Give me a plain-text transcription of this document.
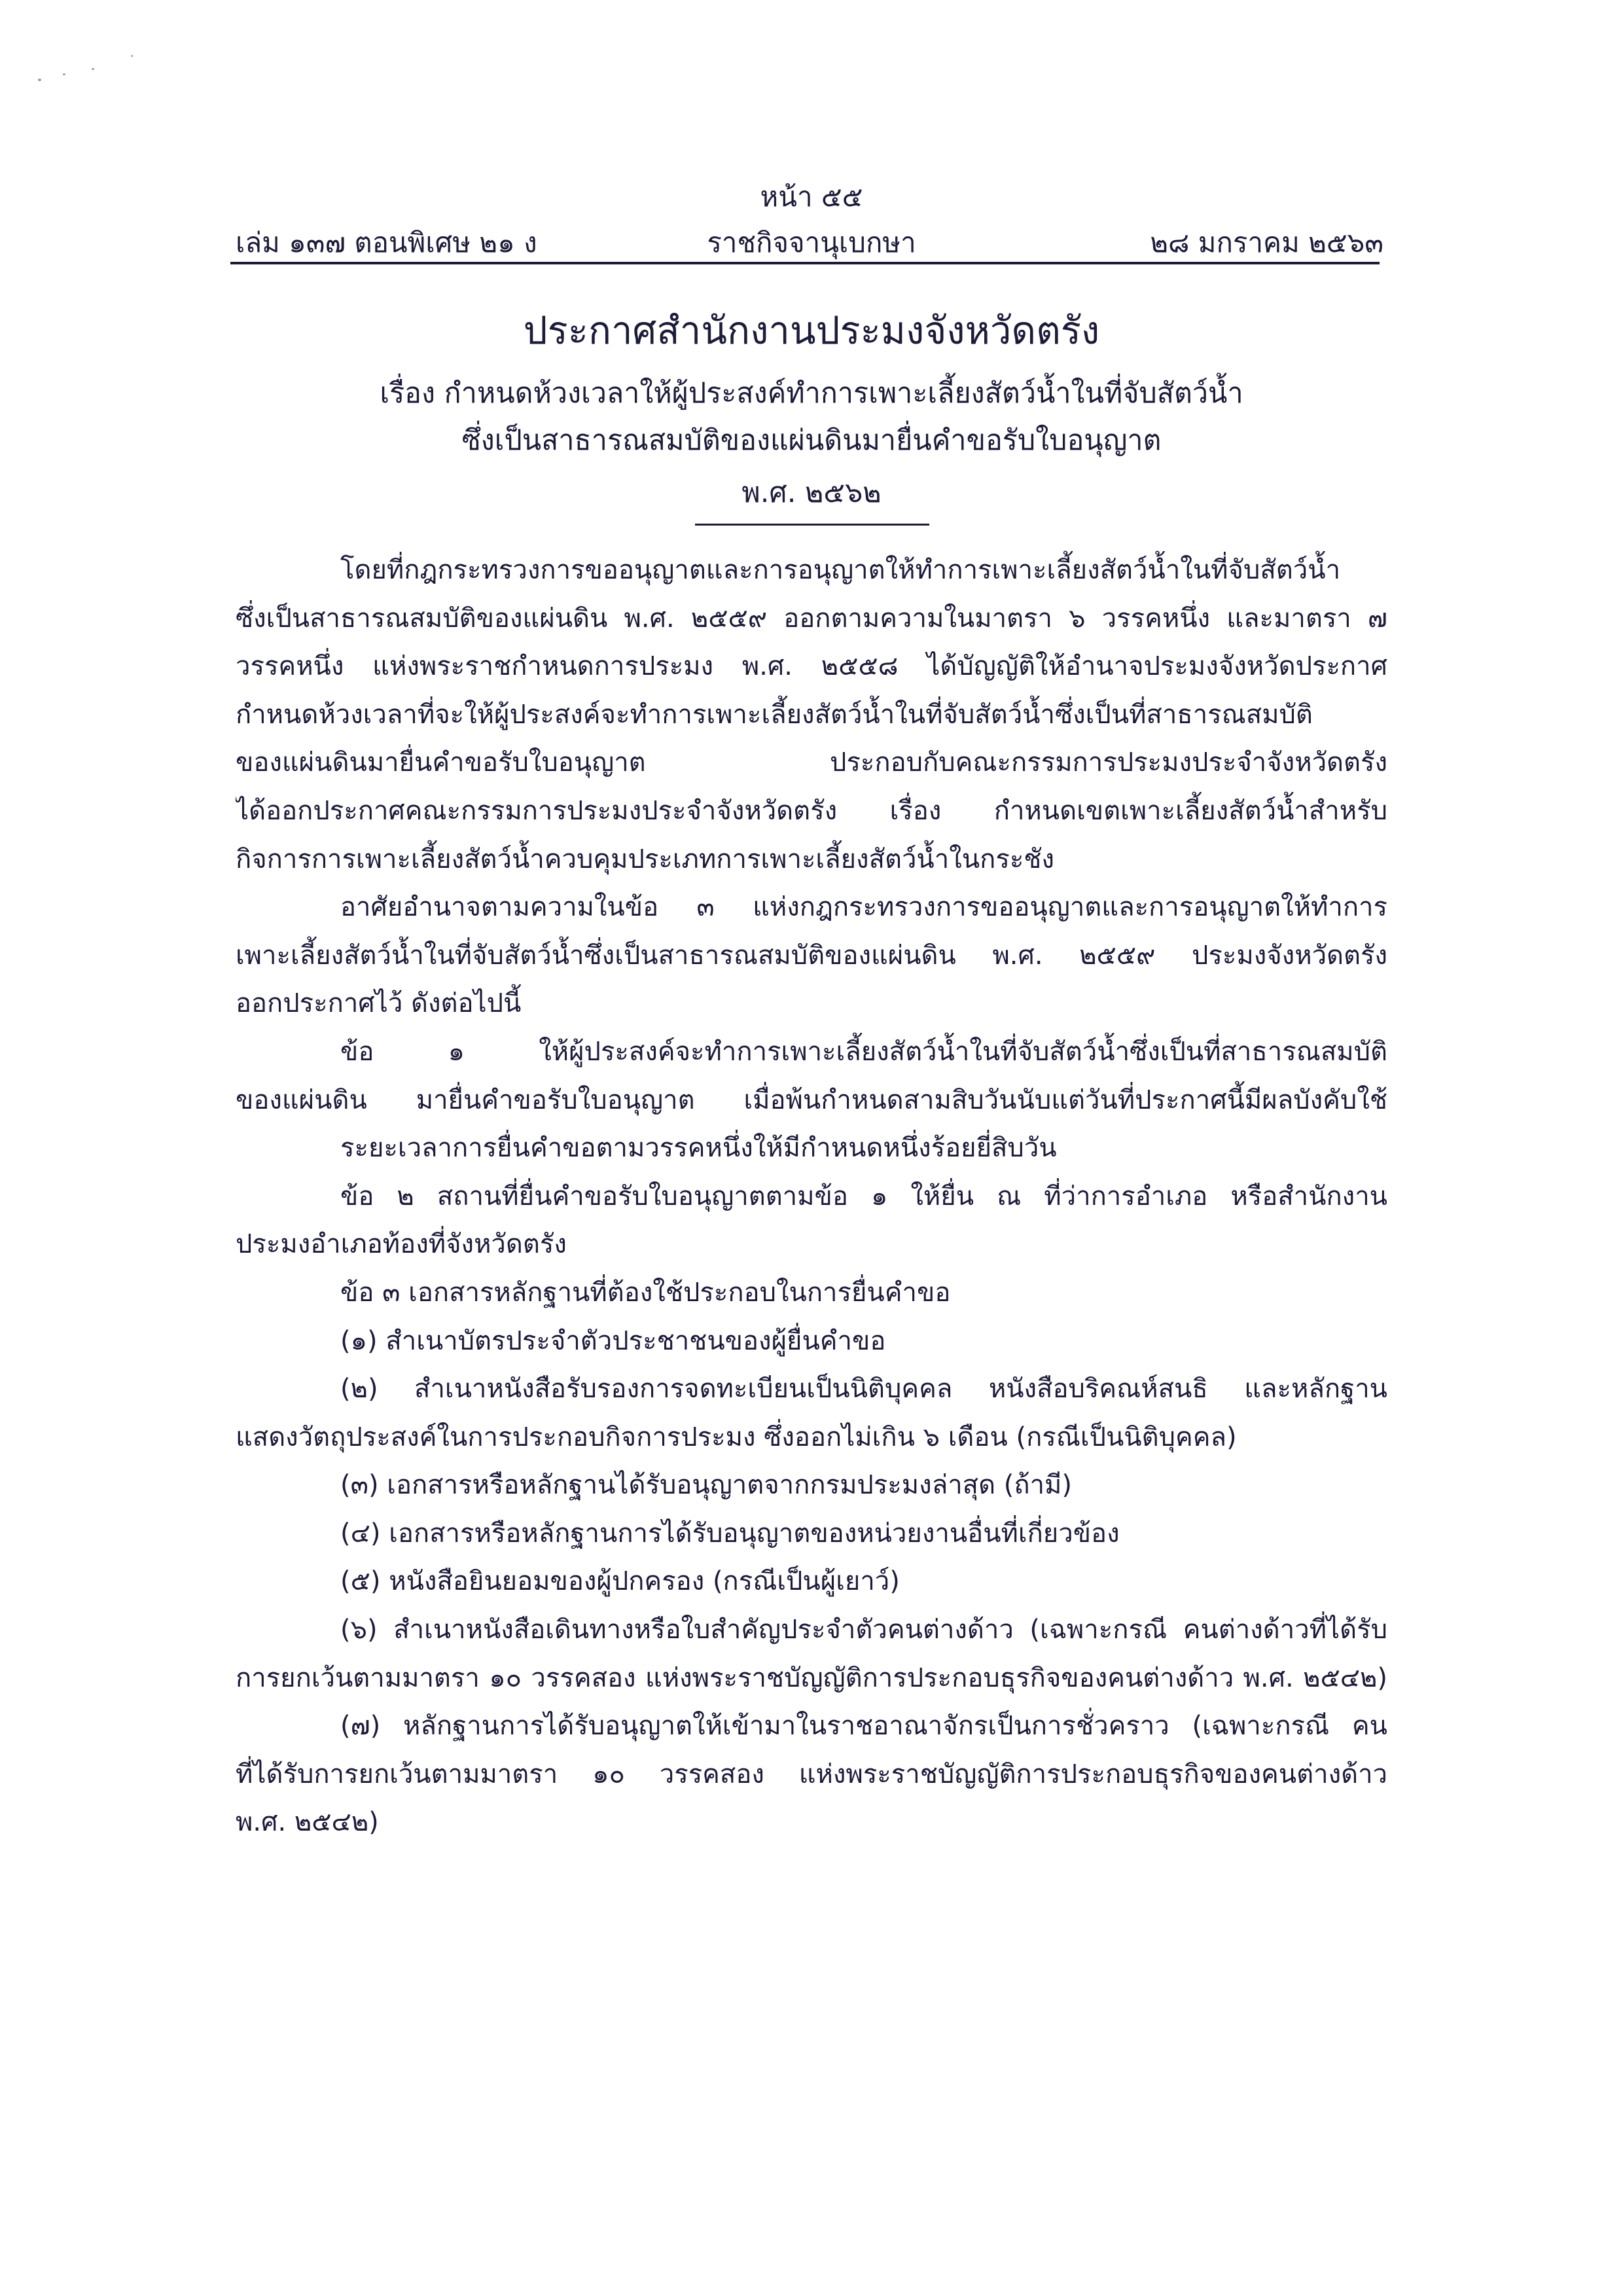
หน้า ๕๕
เล่ม ๑๓๗ ตอนพิเศษ ๒๑ ง	ราชกิจจานุเบกษา	๒๘ มกราคม ๒๕๖๓
ประกาศสำนักงานประมงจังหวัดตรัง
เรื่อง กำหนดห้วงเวลาให้ผู้ประสงค์ทำการเพาะเลี้ยงสัตว์น้ำในที่จับสัตว์น้ำ
ซึ่งเป็นสาธารณสมบัติของแผ่นดินมายื่นคำขอรับใบอนุญาต
พ.ศ. ๒๕๖๒
โดยที่กฎกระทรวงการขออนุญาตและการอนุญาตให้ทำการเพาะเลี้ยงสัตว์น้ำในที่จับสัตว์น้ำ
ซึ่งเป็นสาธารณสมบัติของแผ่นดิน พ.ศ. ๒๕๕๙ ออกตามความในมาตรา ๖ วรรคหนึ่ง และมาตรา ๗
วรรคหนึ่ง แห่งพระราชกำหนดการประมง พ.ศ. ๒๕๕๘ ได้บัญญัติให้อำนาจประมงจังหวัดประกาศ
กำหนดห้วงเวลาที่จะให้ผู้ประสงค์จะทำการเพาะเลี้ยงสัตว์น้ำในที่จับสัตว์น้ำซึ่งเป็นที่สาธารณสมบัติ
ของแผ่นดินมายื่นคำขอรับใบอนุญาต ประกอบกับคณะกรรมการประมงประจำจังหวัดตรัง
ได้ออกประกาศคณะกรรมการประมงประจำจังหวัดตรัง เรื่อง กำหนดเขตเพาะเลี้ยงสัตว์น้ำสำหรับ
กิจการการเพาะเลี้ยงสัตว์น้ำควบคุมประเภทการเพาะเลี้ยงสัตว์น้ำในกระชัง
อาศัยอำนาจตามความในข้อ ๓ แห่งกฎกระทรวงการขออนุญาตและการอนุญาตให้ทำการ
เพาะเลี้ยงสัตว์น้ำในที่จับสัตว์น้ำซึ่งเป็นสาธารณสมบัติของแผ่นดิน พ.ศ. ๒๕๕๙ ประมงจังหวัดตรัง
ออกประกาศไว้ ดังต่อไปนี้
ข้อ ๑ ให้ผู้ประสงค์จะทำการเพาะเลี้ยงสัตว์น้ำในที่จับสัตว์น้ำซึ่งเป็นที่สาธารณสมบัติ
ของแผ่นดิน มายื่นคำขอรับใบอนุญาต เมื่อพ้นกำหนดสามสิบวันนับแต่วันที่ประกาศนี้มีผลบังคับใช้
ระยะเวลาการยื่นคำขอตามวรรคหนึ่งให้มีกำหนดหนึ่งร้อยยี่สิบวัน
ข้อ ๒ สถานที่ยื่นคำขอรับใบอนุญาตตามข้อ ๑ ให้ยื่น ณ ที่ว่าการอำเภอ หรือสำนักงาน
ประมงอำเภอท้องที่จังหวัดตรัง
ข้อ ๓ เอกสารหลักฐานที่ต้องใช้ประกอบในการยื่นคำขอ
(๑) สำเนาบัตรประจำตัวประชาชนของผู้ยื่นคำขอ
(๒) สำเนาหนังสือรับรองการจดทะเบียนเป็นนิติบุคคล หนังสือบริคณห์สนธิ และหลักฐาน
แสดงวัตถุประสงค์ในการประกอบกิจการประมง ซึ่งออกไม่เกิน ๖ เดือน (กรณีเป็นนิติบุคคล)
(๓) เอกสารหรือหลักฐานได้รับอนุญาตจากกรมประมงล่าสุด (ถ้ามี)
(๔) เอกสารหรือหลักฐานการได้รับอนุญาตของหน่วยงานอื่นที่เกี่ยวข้อง
(๕) หนังสือยินยอมของผู้ปกครอง (กรณีเป็นผู้เยาว์)
(๖) สำเนาหนังสือเดินทางหรือใบสำคัญประจำตัวคนต่างด้าว (เฉพาะกรณี คนต่างด้าวที่ได้รับ
การยกเว้นตามมาตรา ๑๐ วรรคสอง แห่งพระราชบัญญัติการประกอบธุรกิจของคนต่างด้าว พ.ศ. ๒๕๔๒)
(๗) หลักฐานการได้รับอนุญาตให้เข้ามาในราชอาณาจักรเป็นการชั่วคราว (เฉพาะกรณี คน
ที่ได้รับการยกเว้นตามมาตรา ๑๐ วรรคสอง แห่งพระราชบัญญัติการประกอบธุรกิจของคนต่างด้าว
พ.ศ. ๒๕๔๒)
